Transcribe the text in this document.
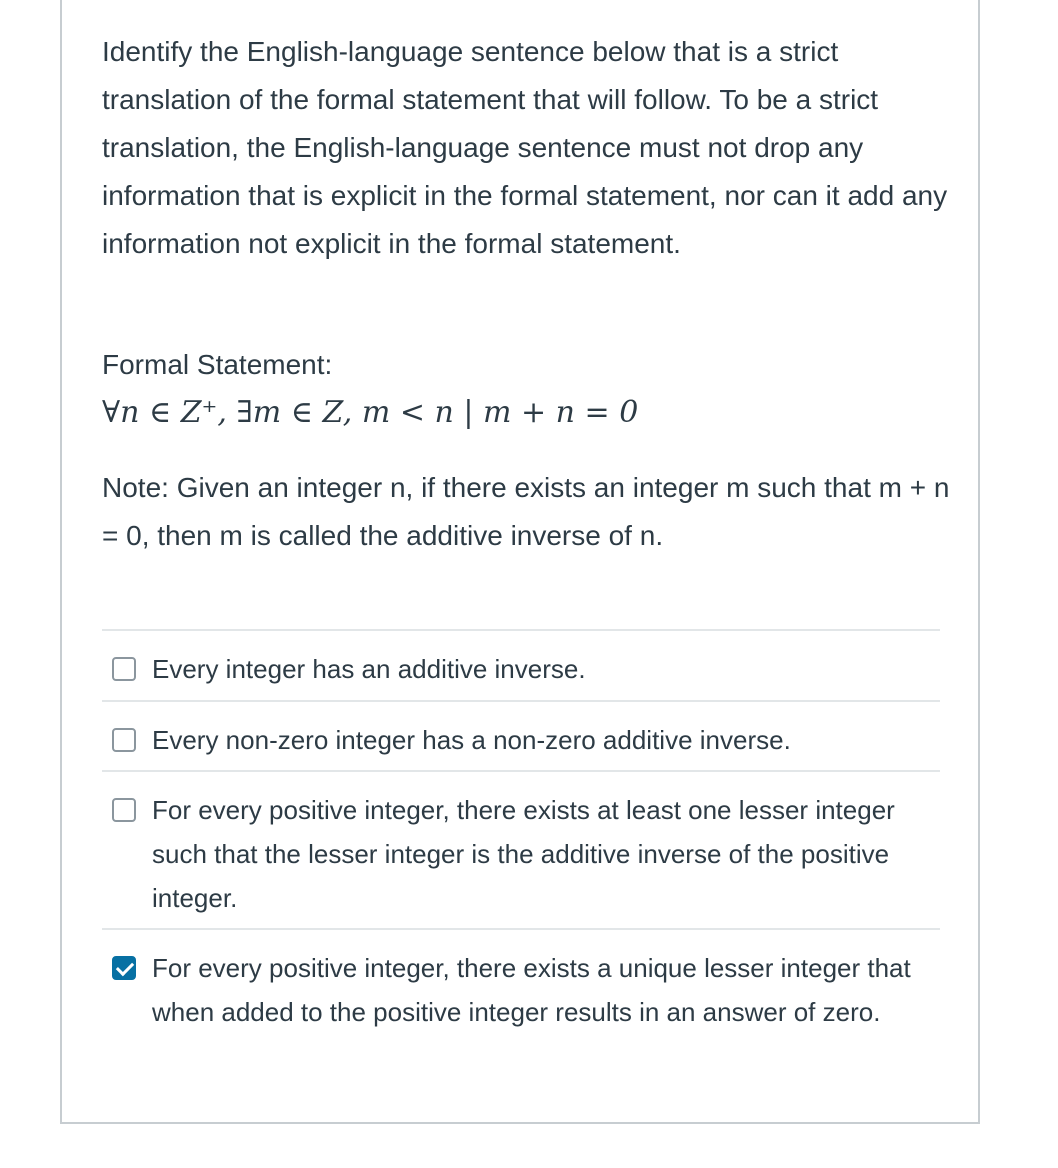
Identify the English-language sentence below that is a strict translation of the formal statement that will follow. To be a strict translation, the English-language sentence must not drop any information that is explicit in the formal statement, nor can it add any information not explicit in the formal statement.

Formal Statement:

∀n ∈ Z⁺, ∃m ∈ Z, m < n | m + n = 0

Note: Given an integer n, if there exists an integer m such that m + n = 0, then m is called the additive inverse of n.

Every integer has an additive inverse.
Every non-zero integer has a non-zero additive inverse.
For every positive integer, there exists at least one lesser integer such that the lesser integer is the additive inverse of the positive integer.
For every positive integer, there exists a unique lesser integer that when added to the positive integer results in an answer of zero.
